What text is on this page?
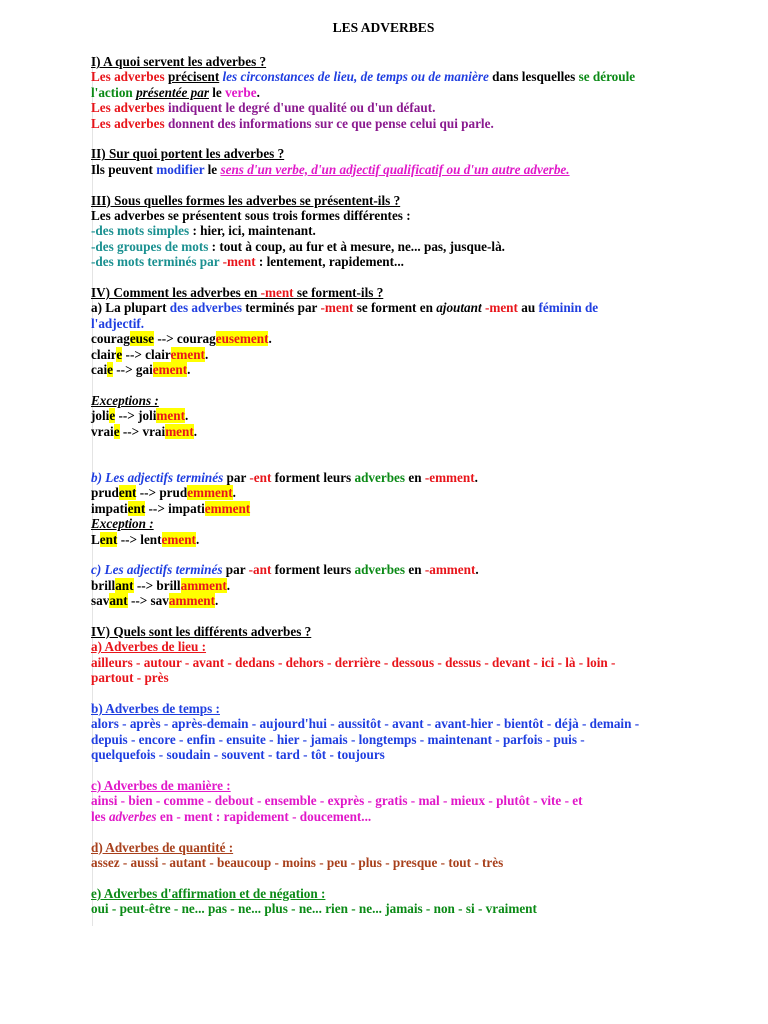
LES ADVERBES
I) A quoi servent les adverbes ?
Les adverbes précisent les circonstances de lieu, de temps ou de manière dans lesquelles se déroule
l'action présentée par le verbe.
Les adverbes indiquent le degré d'une qualité ou d'un défaut.
Les adverbes donnent des informations sur ce que pense celui qui parle.
II) Sur quoi portent les adverbes ?
Ils peuvent modifier le sens d'un verbe, d'un adjectif qualificatif ou d'un autre adverbe.
III) Sous quelles formes les adverbes se présentent-ils ?
Les adverbes se présentent sous trois formes différentes :
-des mots simples : hier, ici, maintenant.
-des groupes de mots : tout à coup, au fur et à mesure, ne... pas, jusque-là.
-des mots terminés par -ment : lentement, rapidement...
IV) Comment les adverbes en -ment se forment-ils ?
a) La plupart des adverbes terminés par -ment se forment en ajoutant -ment au féminin de
l'adjectif.
courageuse --> courageusement.
claire --> clairement.
caie --> gaiement.
Exceptions :
jolie --> joliment.
vraie --> vraiment.
b) Les adjectifs terminés par -ent forment leurs adverbes en -emment.
prudent --> prudemment.
impatient --> impatiemment
Exception :
Lent --> lentement.
c) Les adjectifs terminés par -ant forment leurs adverbes en -amment.
brillant --> brillamment.
savant --> savamment.
IV) Quels sont les différents adverbes ?
a) Adverbes de lieu :
ailleurs - autour - avant - dedans - dehors - derrière - dessous - dessus - devant - ici - là - loin -
partout - près
b) Adverbes de temps :
alors - après - après-demain - aujourd'hui - aussitôt - avant - avant-hier - bientôt - déjà - demain -
depuis - encore - enfin - ensuite - hier - jamais - longtemps - maintenant - parfois - puis -
quelquefois - soudain - souvent - tard - tôt - toujours
c) Adverbes de manière :
ainsi - bien - comme - debout - ensemble - exprès - gratis - mal - mieux - plutôt - vite - et
les adverbes en - ment : rapidement - doucement...
d) Adverbes de quantité :
assez - aussi - autant - beaucoup - moins - peu - plus - presque - tout - très
e) Adverbes d'affirmation et de négation :
oui - peut-être - ne... pas - ne... plus - ne... rien - ne... jamais - non - si - vraiment
